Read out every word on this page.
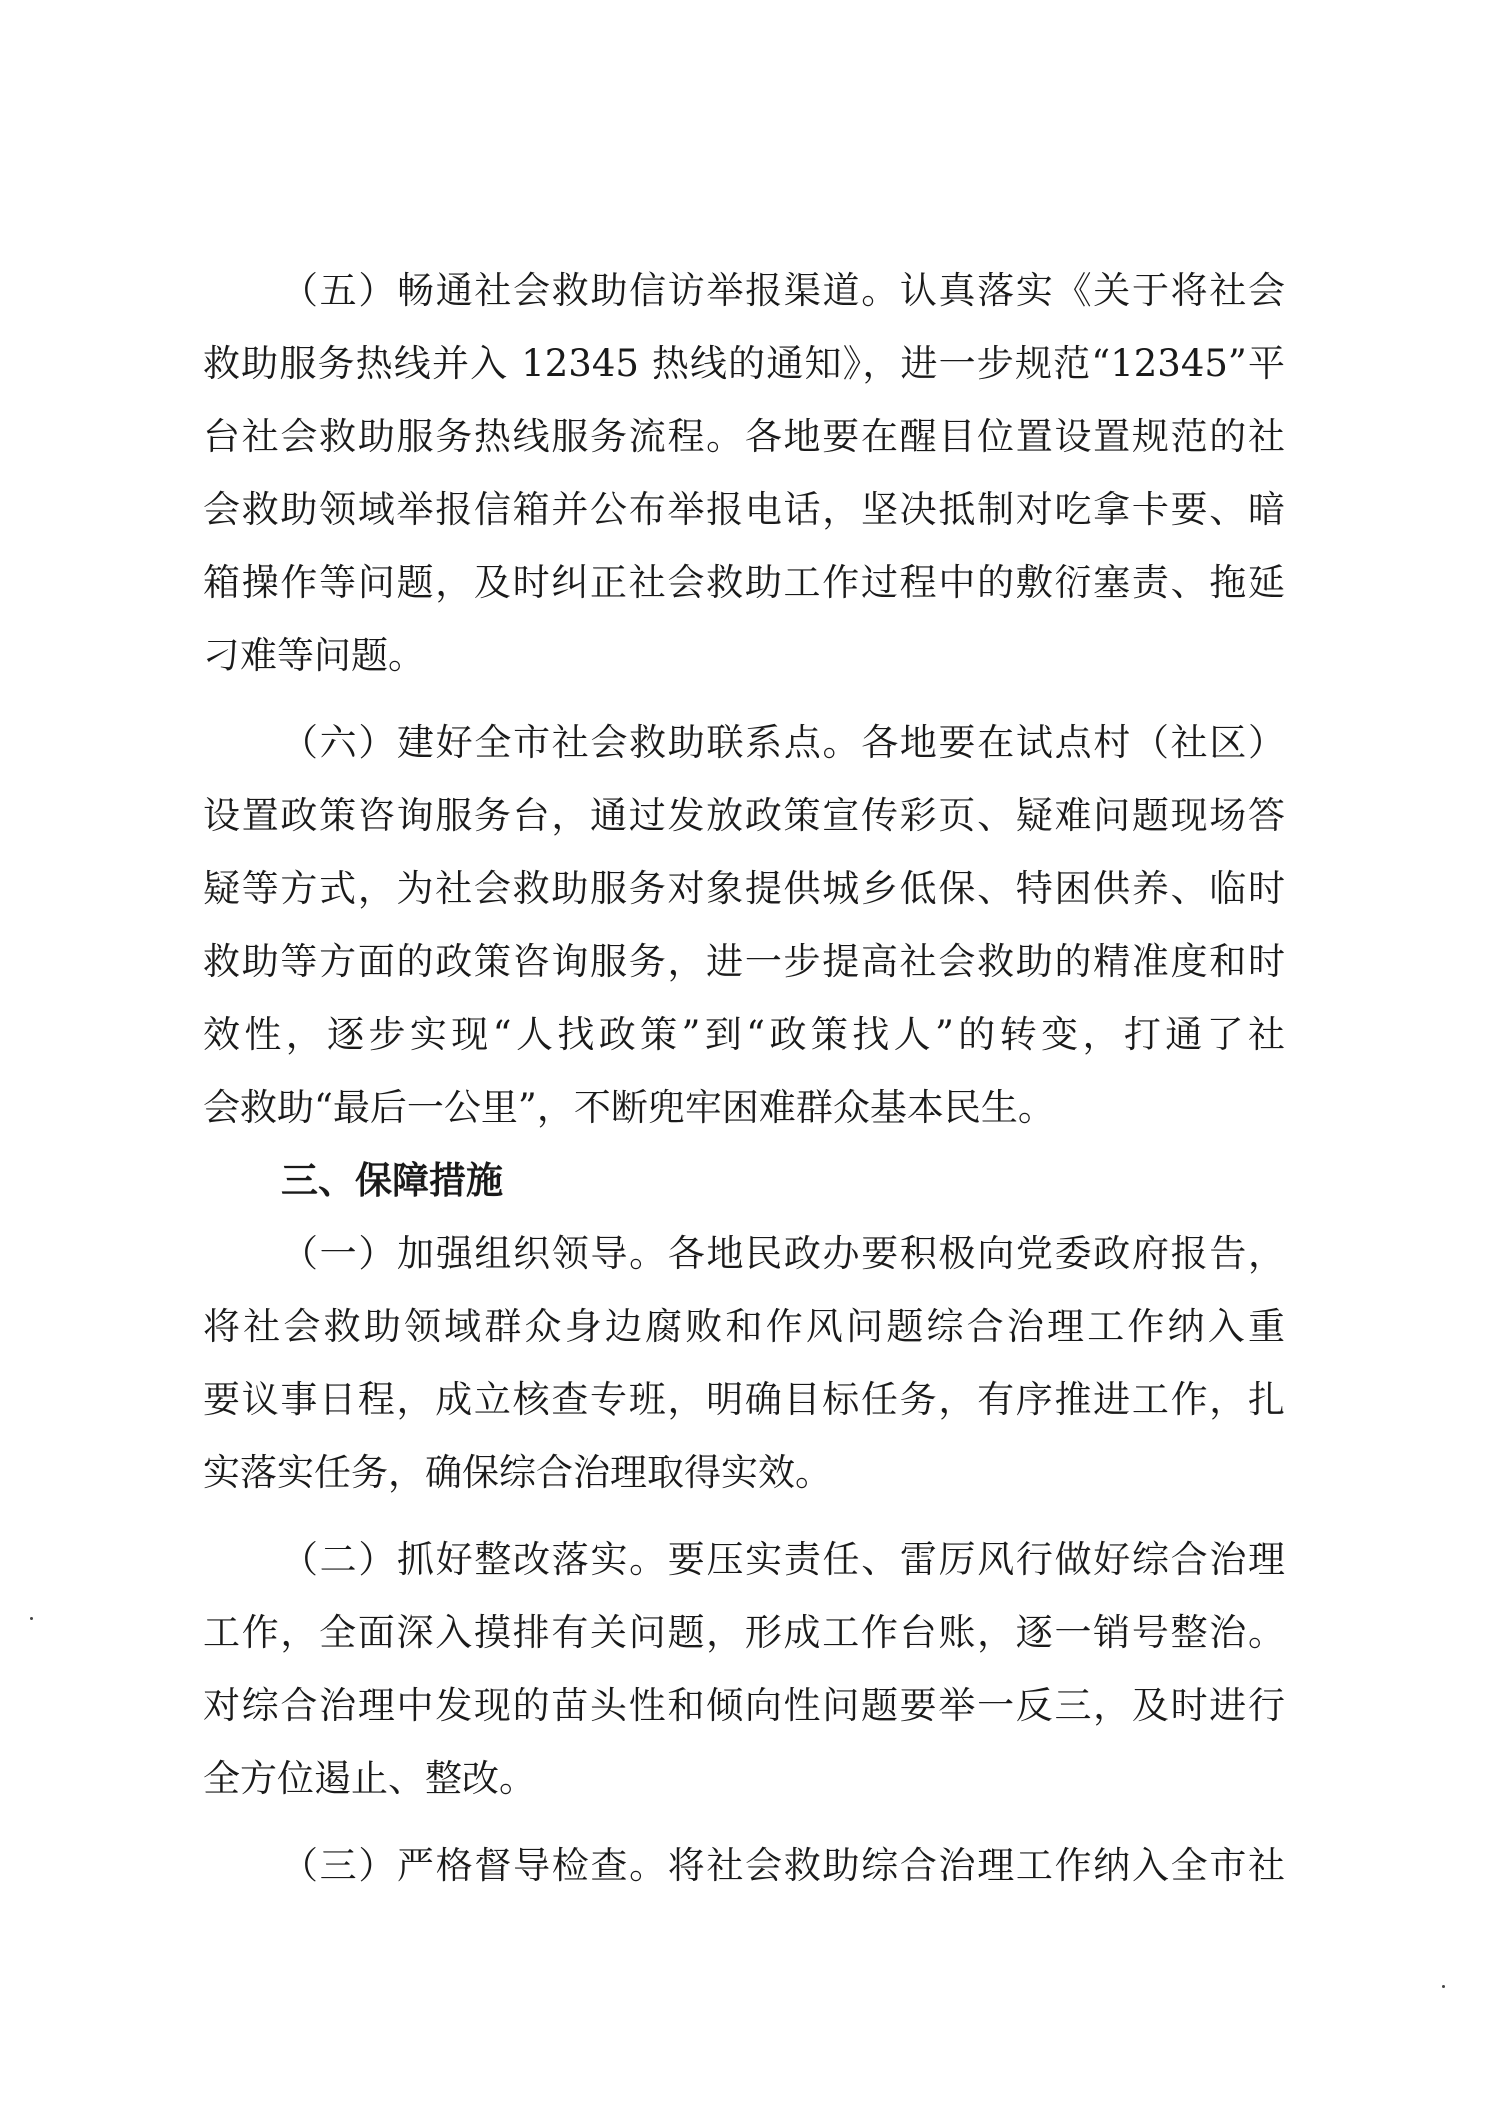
（五）畅通社会救助信访举报渠道。认真落实《关于将社会
救助服务热线并入 12345 热线的通知》，进一步规范“12345”平
台社会救助服务热线服务流程。各地要在醒目位置设置规范的社
会救助领域举报信箱并公布举报电话，坚决抵制对吃拿卡要、暗
箱操作等问题，及时纠正社会救助工作过程中的敷衍塞责、拖延
刁难等问题。
（六）建好全市社会救助联系点。各地要在试点村（社区）
设置政策咨询服务台，通过发放政策宣传彩页、疑难问题现场答
疑等方式，为社会救助服务对象提供城乡低保、特困供养、临时
救助等方面的政策咨询服务，进一步提高社会救助的精准度和时
效性，逐步实现“人找政策”到“政策找人”的转变，打通了社
会救助“最后一公里”，不断兜牢困难群众基本民生。
三、保障措施
（一）加强组织领导。各地民政办要积极向党委政府报告，
将社会救助领域群众身边腐败和作风问题综合治理工作纳入重
要议事日程，成立核查专班，明确目标任务，有序推进工作，扎
实落实任务，确保综合治理取得实效。
（二）抓好整改落实。要压实责任、雷厉风行做好综合治理
工作，全面深入摸排有关问题，形成工作台账，逐一销号整治。
对综合治理中发现的苗头性和倾向性问题要举一反三，及时进行
全方位遏止、整改。
（三）严格督导检查。将社会救助综合治理工作纳入全市社
